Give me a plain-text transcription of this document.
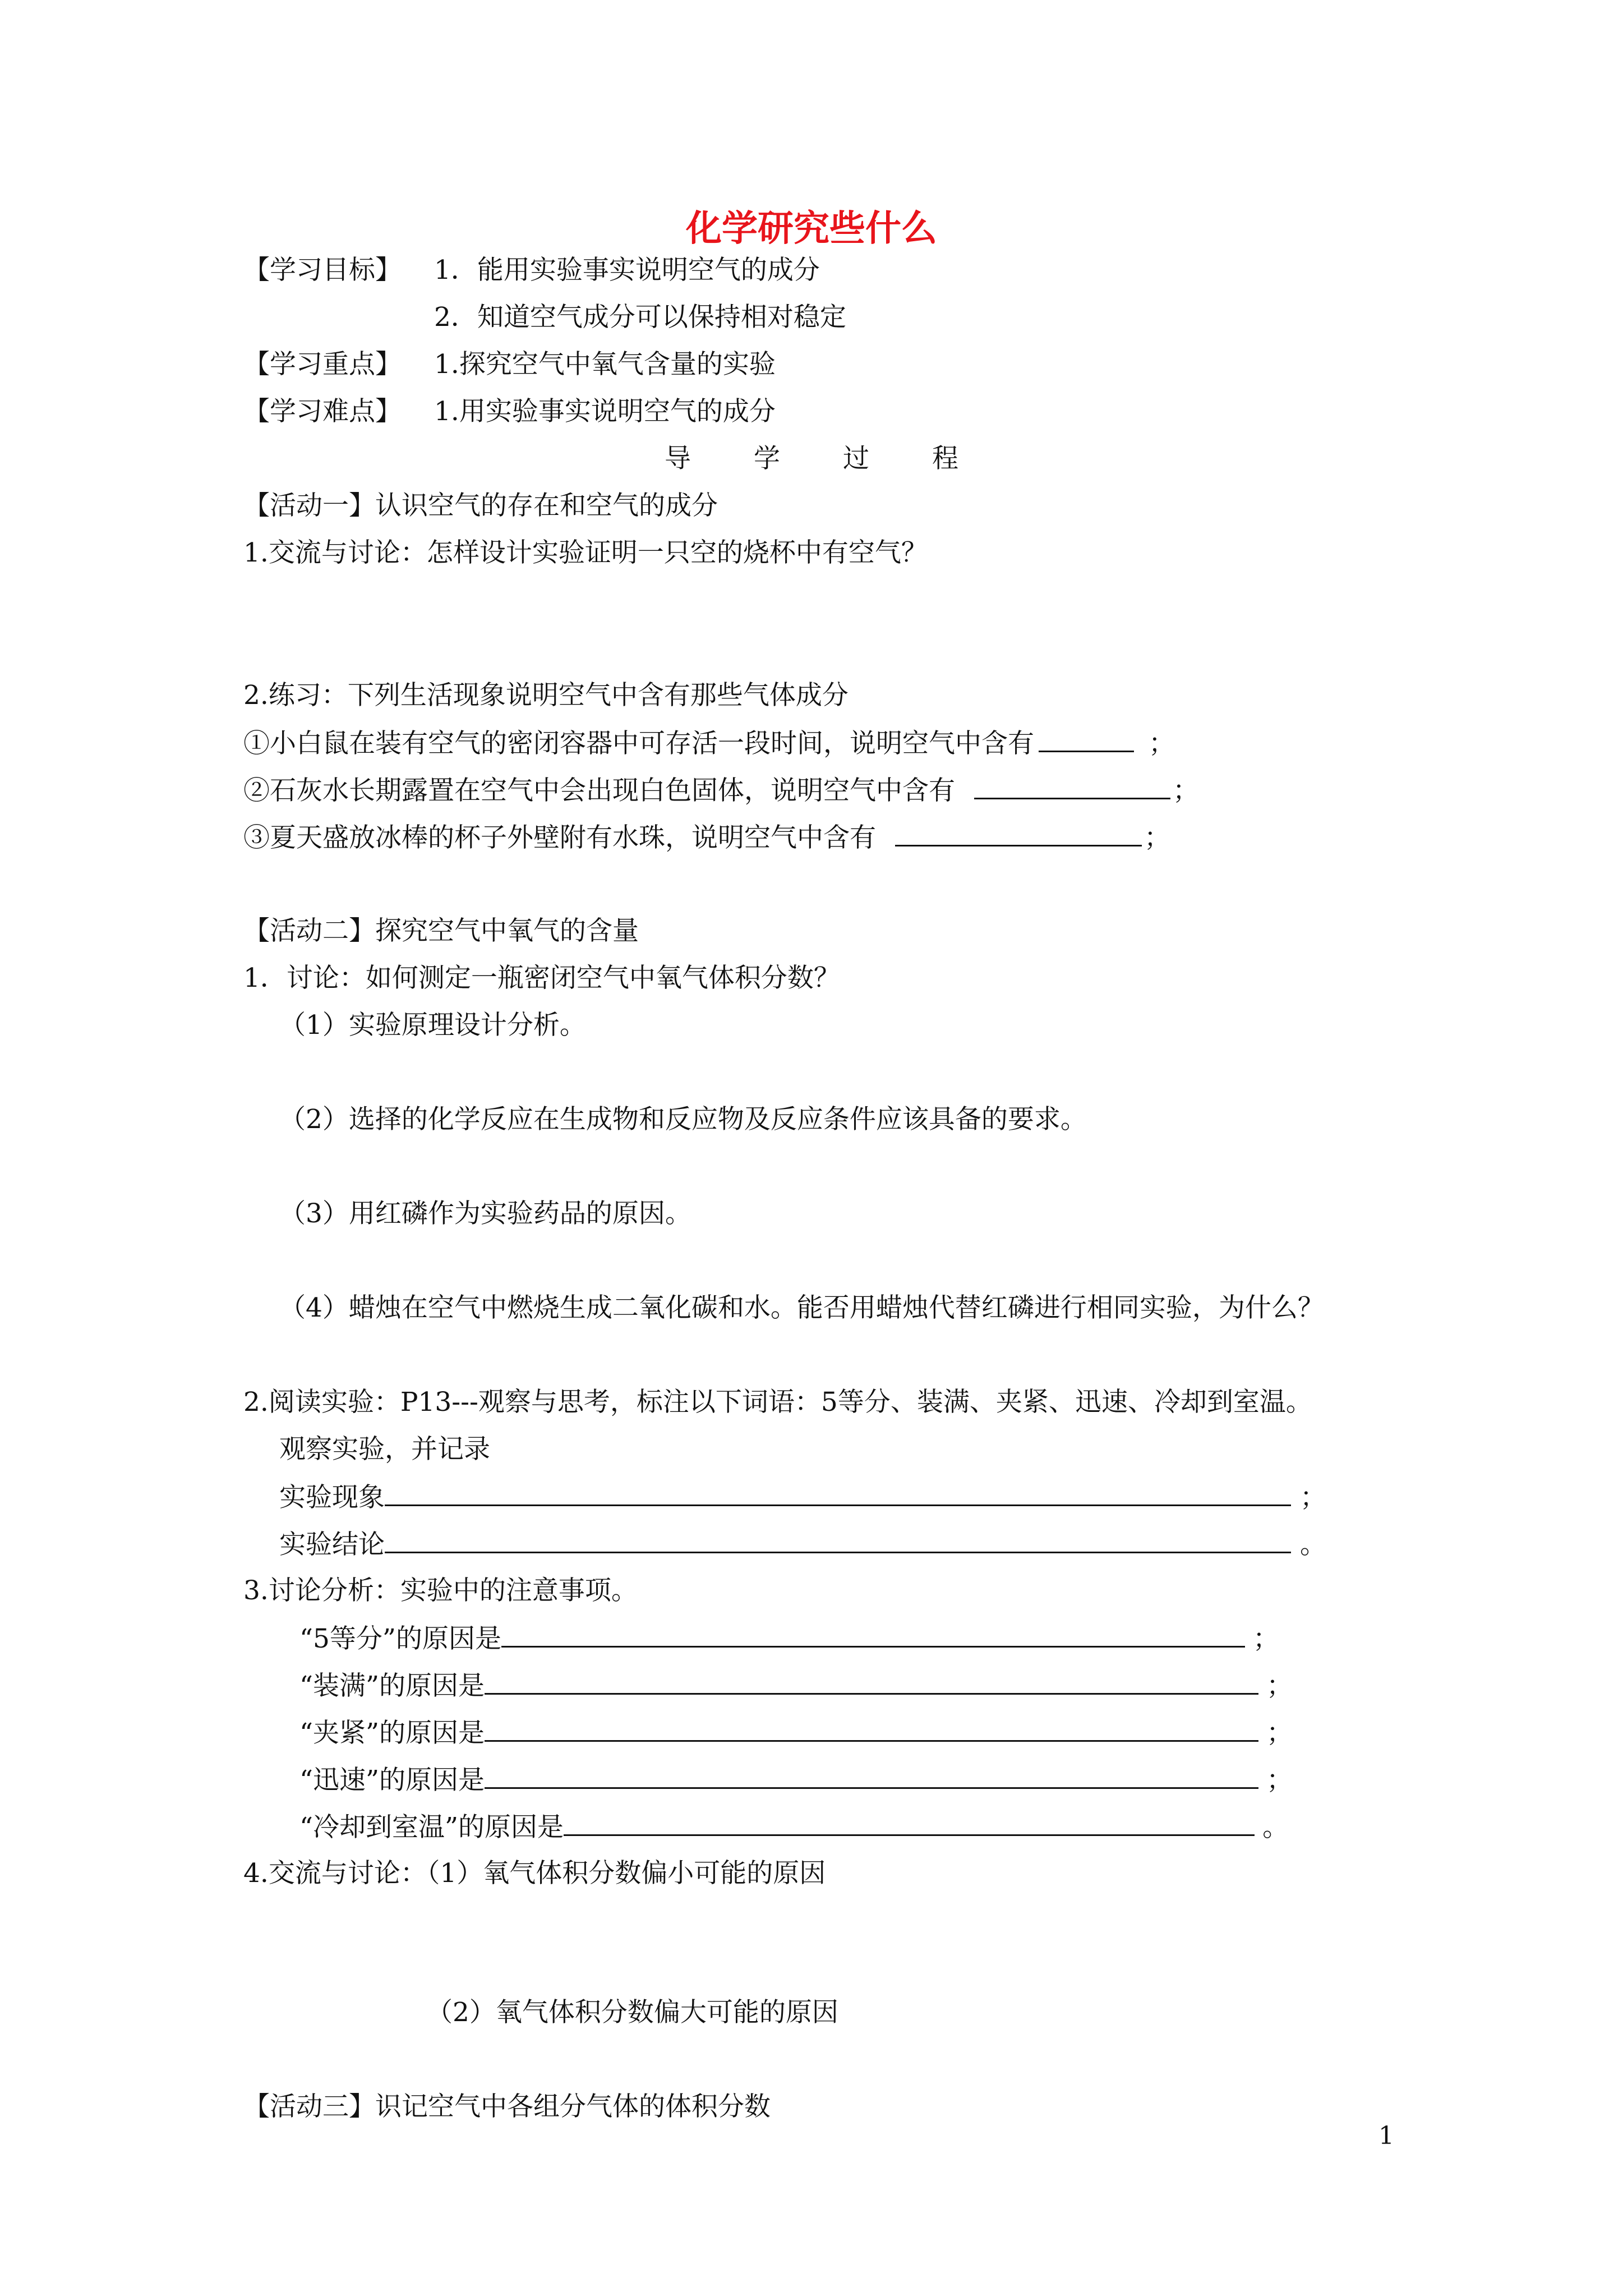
化学研究些什么
【学习目标】 1．能用实验事实说明空气的成分
2．知道空气成分可以保持相对稳定
【学习重点】 1.探究空气中氧气含量的实验
【学习难点】 1.用实验事实说明空气的成分
导 学 过 程
【活动一】认识空气的存在和空气的成分
1.交流与讨论：怎样设计实验证明一只空的烧杯中有空气？
2.练习：下列生活现象说明空气中含有那些气体成分
①小白鼠在装有空气的密闭容器中可存活一段时间，说明空气中含有	；
②石灰水长期露置在空气中会出现白色固体，说明空气中含有	；
③夏天盛放冰棒的杯子外壁附有水珠，说明空气中含有	；
【活动二】探究空气中氧气的含量
1．讨论：如何测定一瓶密闭空气中氧气体积分数？
（1）实验原理设计分析。
（2）选择的化学反应在生成物和反应物及反应条件应该具备的要求。
（3）用红磷作为实验药品的原因。
（4）蜡烛在空气中燃烧生成二氧化碳和水。能否用蜡烛代替红磷进行相同实验，为什么？
2.阅读实验：P13---观察与思考，标注以下词语：5等分、装满、夹紧、迅速、冷却到室温。
观察实验，并记录
实验现象	；
实验结论	。
3.讨论分析：实验中的注意事项。
“5等分”的原因是	；
“装满”的原因是	；
“夹紧”的原因是	；
“迅速”的原因是	；
“冷却到室温”的原因是	。
4.交流与讨论：（1）氧气体积分数偏小可能的原因
（2）氧气体积分数偏大可能的原因
【活动三】识记空气中各组分气体的体积分数
1
